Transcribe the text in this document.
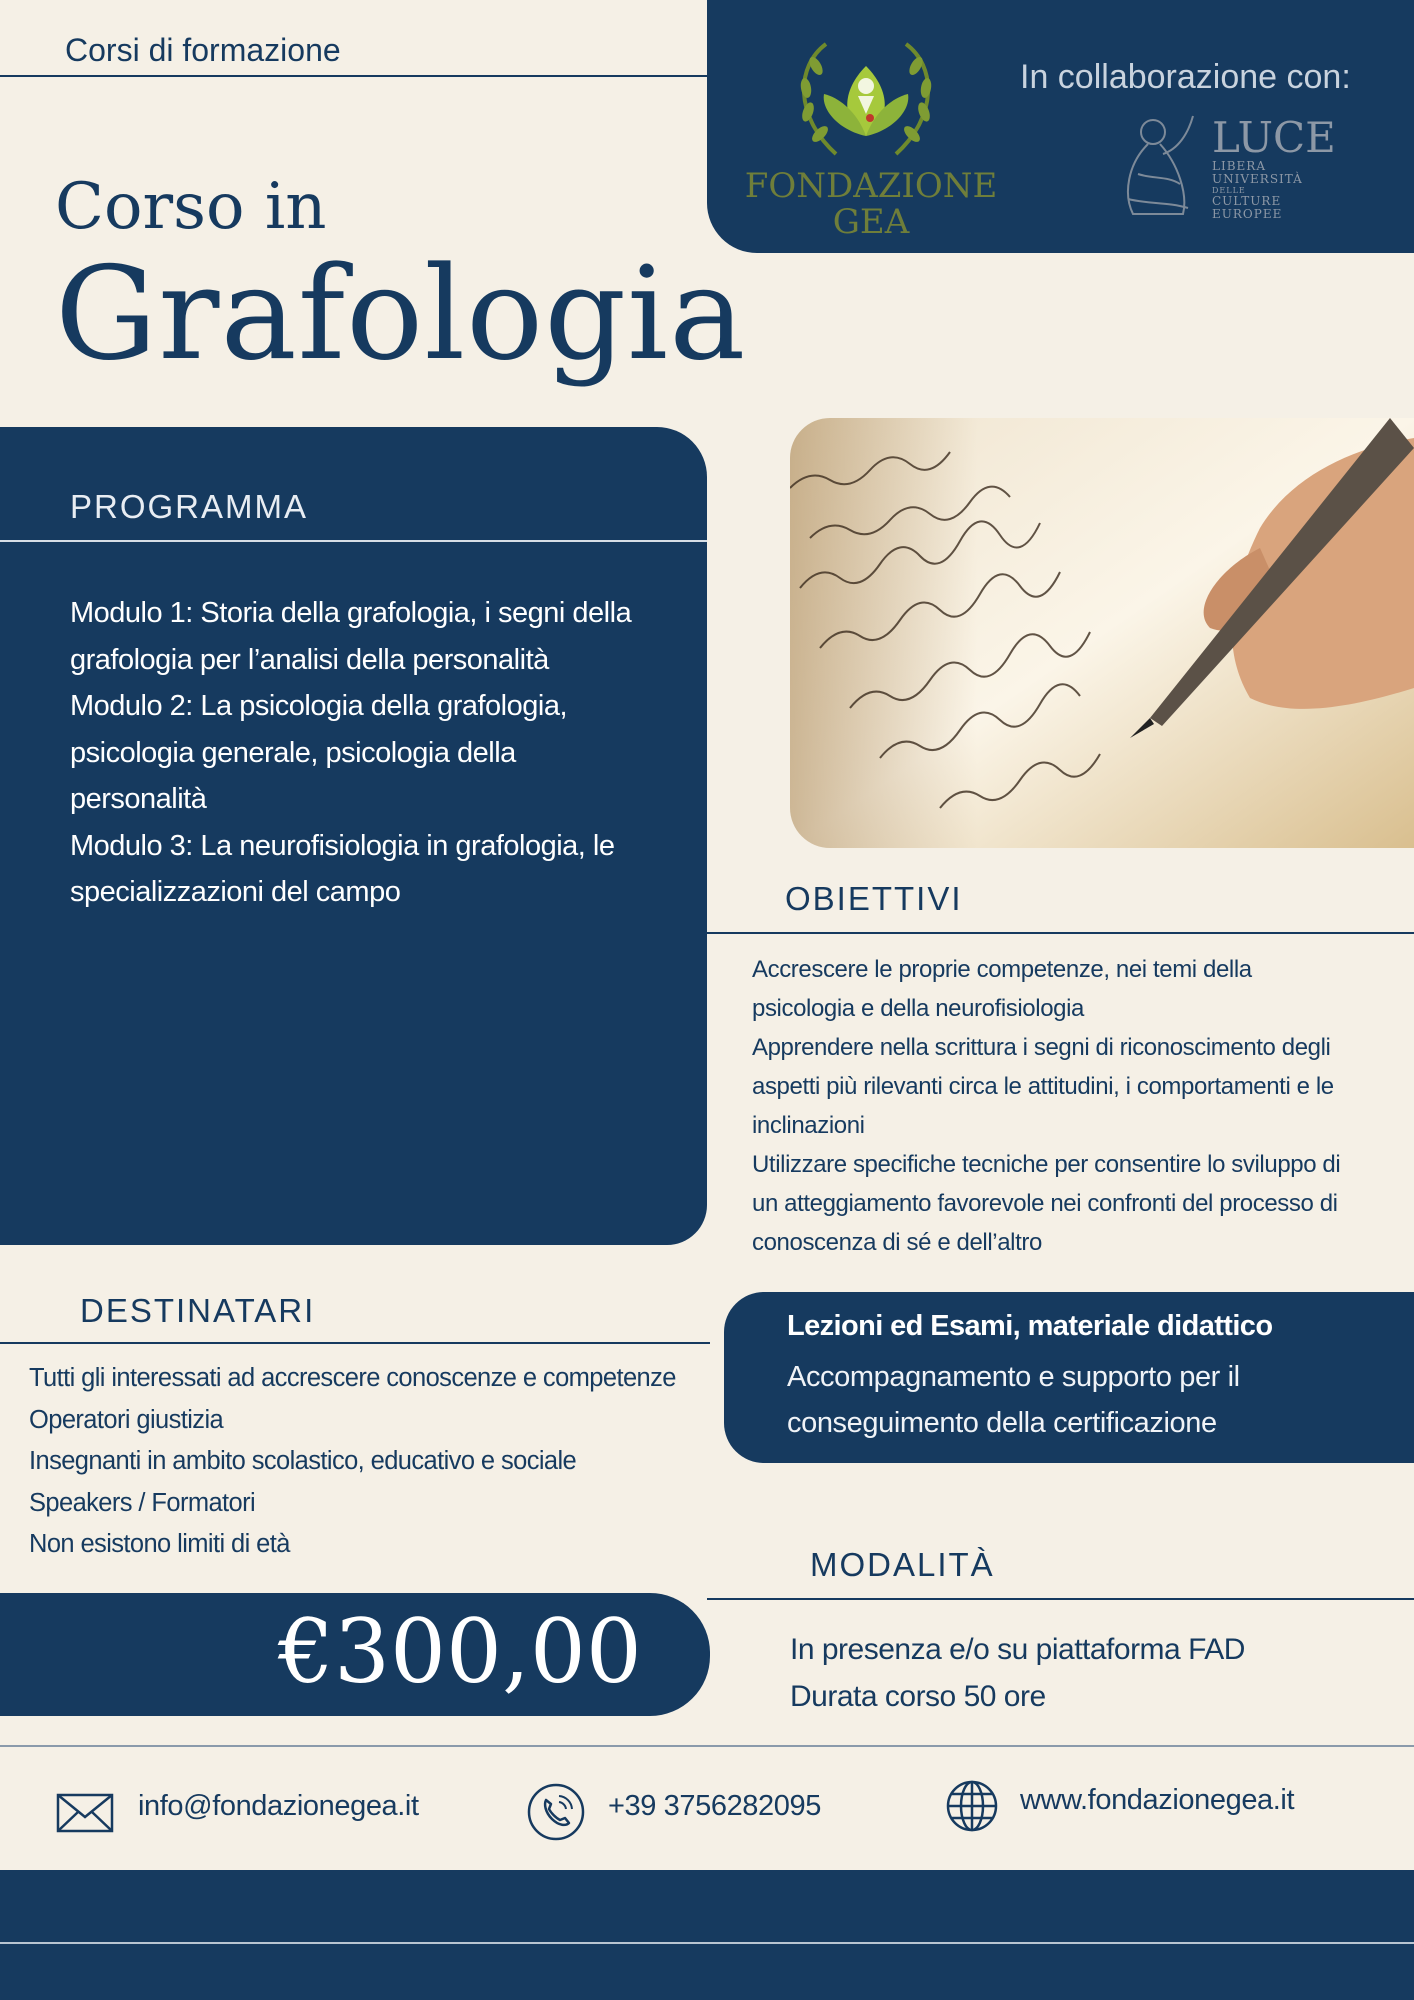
Corsi di formazione
FONDAZIONE
GEA
In collaborazione con:
LUCE
LIBERA
UNIVERSITÀ
DELLE
CULTURE
EUROPEE
Corso in
Grafologia
PROGRAMMA
Modulo 1: Storia della grafologia, i segni della
grafologia per l’analisi della personalità
Modulo 2: La psicologia della grafologia,
psicologia generale, psicologia della
personalità
Modulo 3: La neurofisiologia in grafologia, le
specializzazioni del campo	OBIETTIVI
Accrescere le proprie competenze, nei temi della
psicologia e della neurofisiologia
Apprendere nella scrittura i segni di riconoscimento degli
aspetti più rilevanti circa le attitudini, i comportamenti e le
inclinazioni
Utilizzare specifiche tecniche per consentire lo sviluppo di
un atteggiamento favorevole nei confronti del processo di
conoscenza di sé e dell’altro
DESTINATARI
Tutti gli interessati ad accrescere conoscenze e competenze
Operatori giustizia
Insegnanti in ambito scolastico, educativo e sociale
Speakers / Formatori
Non esistono limiti di età
Lezioni ed Esami, materiale didattico
Accompagnamento e supporto per il
conseguimento della certificazione
MODALITÀ
In presenza e/o su piattaforma FAD
Durata corso 50 ore
€300,00
info@fondazionegea.it	+39 3756282095	www.fondazionegea.it
